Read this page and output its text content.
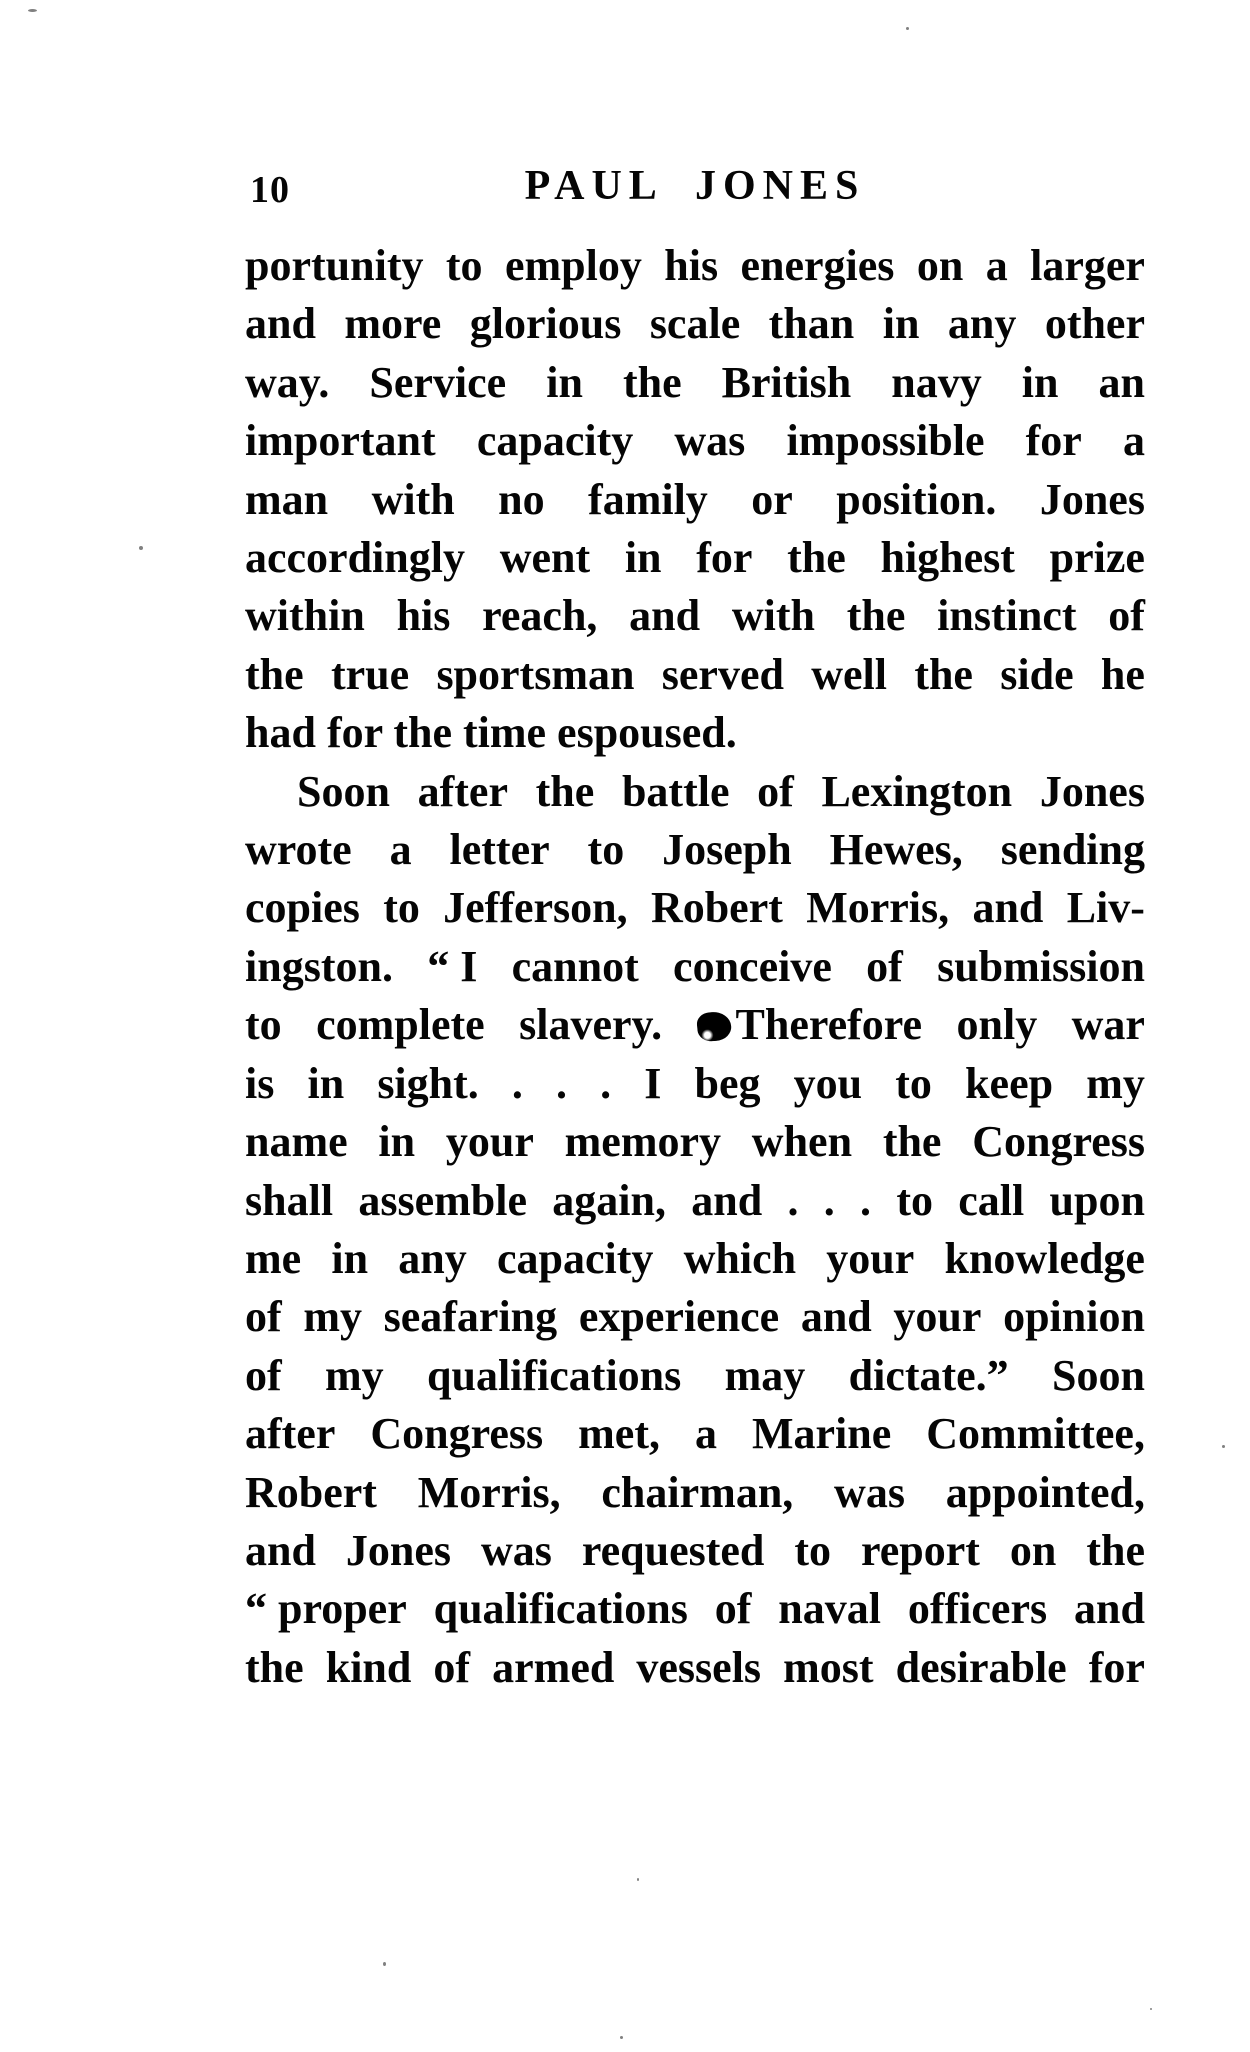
10	PAUL JONES
portunity to employ his energies on a larger
and more glorious scale than in any other
way. Service in the British navy in an
important capacity was impossible for a
man with no family or position. Jones
accordingly went in for the highest prize
within his reach, and with the instinct of
the true sportsman served well the side he
had for the time espoused.
Soon after the battle of Lexington Jones
wrote a letter to Joseph Hewes, sending
copies to Jefferson, Robert Morris, and Liv-
ingston. “ I cannot conceive of submission
to complete slavery.	Therefore only war
is in sight. . . . I beg you to keep my
name in your memory when the Congress
shall assemble again, and . . . to call upon
me in any capacity which your knowledge
of my seafaring experience and your opinion
of my qualifications may dictate.” Soon
after Congress met, a Marine Committee,
Robert Morris, chairman, was appointed,
and Jones was requested to report on the
“ proper qualifications of naval officers and
the kind of armed vessels most desirable for
